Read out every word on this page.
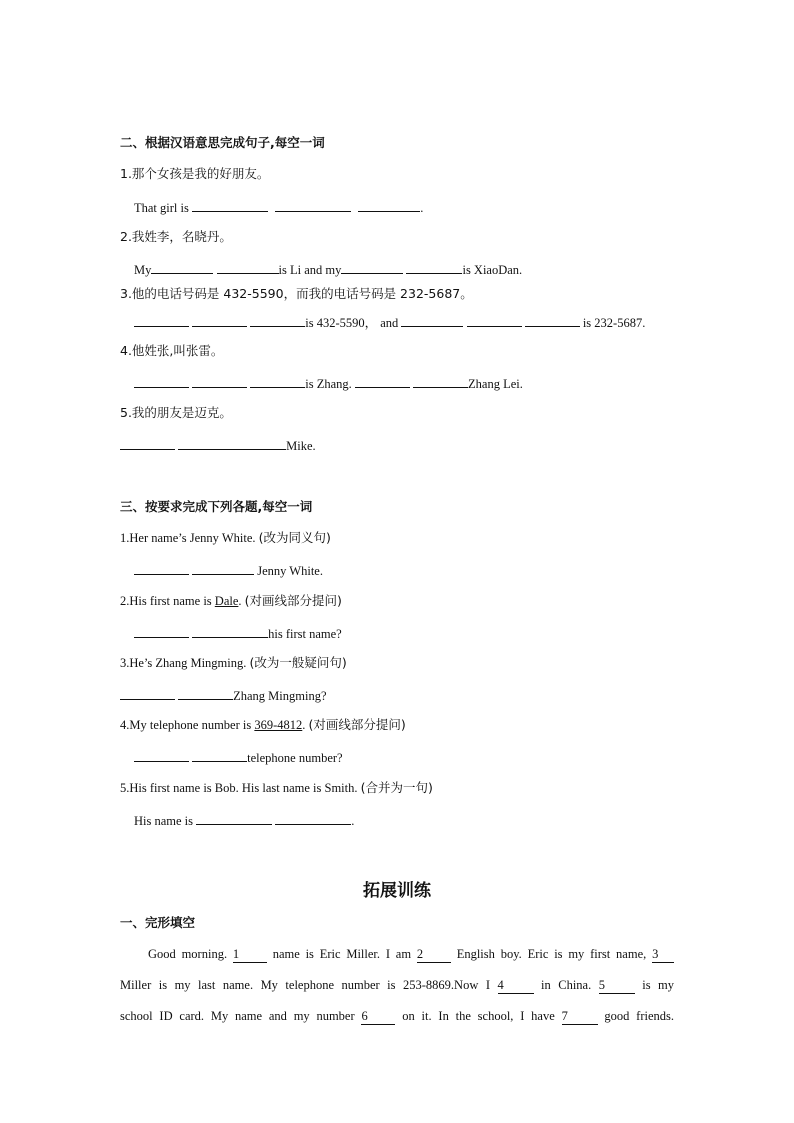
二、根据汉语意思完成句子,每空一词
1.那个女孩是我的好朋友。
That girl is	.
2.我姓李，名晓丹。
My	is Li and my	is XiaoDan.
3.他的电话号码是 432-5590，而我的电话号码是 232-5687。
is 432-5590， and	is 232-5687.
4.他姓张,叫张雷。
is Zhang.	Zhang Lei.
5.我的朋友是迈克。
Mike.
三、按要求完成下列各题,每空一词
1.Her name’s Jenny White. (改为同义句)
Jenny White.
2.His first name is Dale. (对画线部分提问)
his first name?
3.He’s Zhang Mingming. (改为一般疑问句)
Zhang Mingming?
4.My telephone number is 369-4812. (对画线部分提问)
telephone number?
5.His first name is Bob. His last name is Smith. (合并为一句)
His name is	.
拓展训练
一、完形填空
Good morning. 1	name is Eric Miller. I am 2	English boy. Eric is my first name, 3
Miller is my last name. My telephone number is 253-8869.Now I 4	in China. 5	is my
school ID card. My name and my number 6	on it. In the school, I have 7	good friends.
